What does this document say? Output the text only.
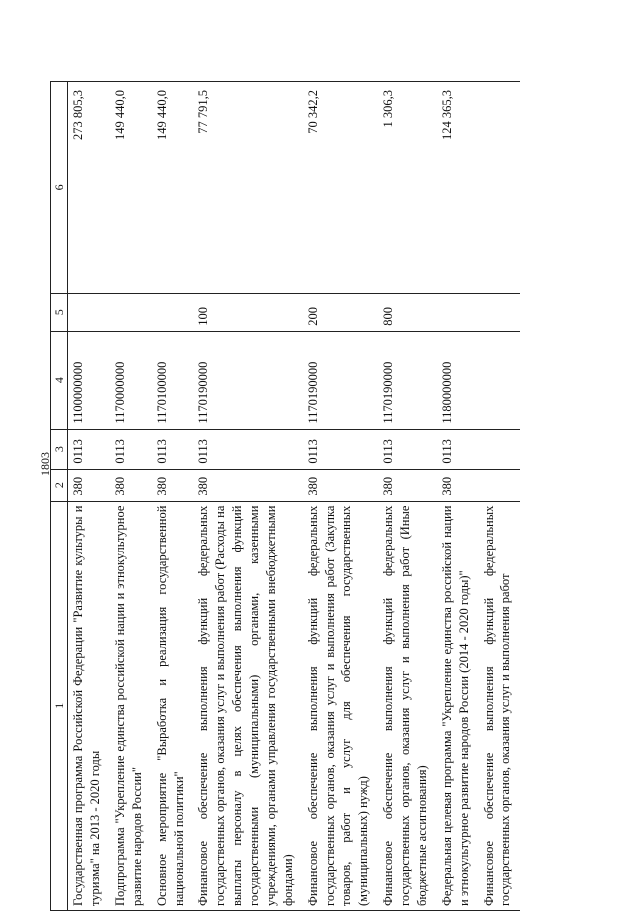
1803
1	2	3	4	5	6
Государственная программа Российской Федерации "Развитие культуры и туризма" на 2013 - 2020 годы	380	0113	1100000000		273 805,3
Подпрограмма "Укрепление единства российской нации и этнокультурное развитие народов России"	380	0113	1170000000		149 440,0
Основное мероприятие "Выработка и реализация государственной национальной политики"	380	0113	1170100000		149 440,0
Финансовое обеспечение выполнения функций федеральных государственных органов, оказания услуг и выполнения работ (Расходы на выплаты персоналу в целях обеспечения выполнения функций государственными (муниципальными) органами, казенными учреждениями, органами управления государственными внебюджетными фондами)	380	0113	1170190000	100	77 791,5
Финансовое обеспечение выполнения функций федеральных государственных органов, оказания услуг и выполнения работ (Закупка товаров, работ и услуг для обеспечения государственных (муниципальных) нужд)	380	0113	1170190000	200	70 342,2
Финансовое обеспечение выполнения функций федеральных государственных органов, оказания услуг и выполнения работ (Иные бюджетные ассигнования)	380	0113	1170190000	800	1 306,3
Федеральная целевая программа "Укрепление единства российской нации и этнокультурное развитие народов России (2014 - 2020 годы)"	380	0113	1180000000		124 365,3
Финансовое обеспечение выполнения функций федеральных государственных органов, оказания услуг и выполнения работ					
